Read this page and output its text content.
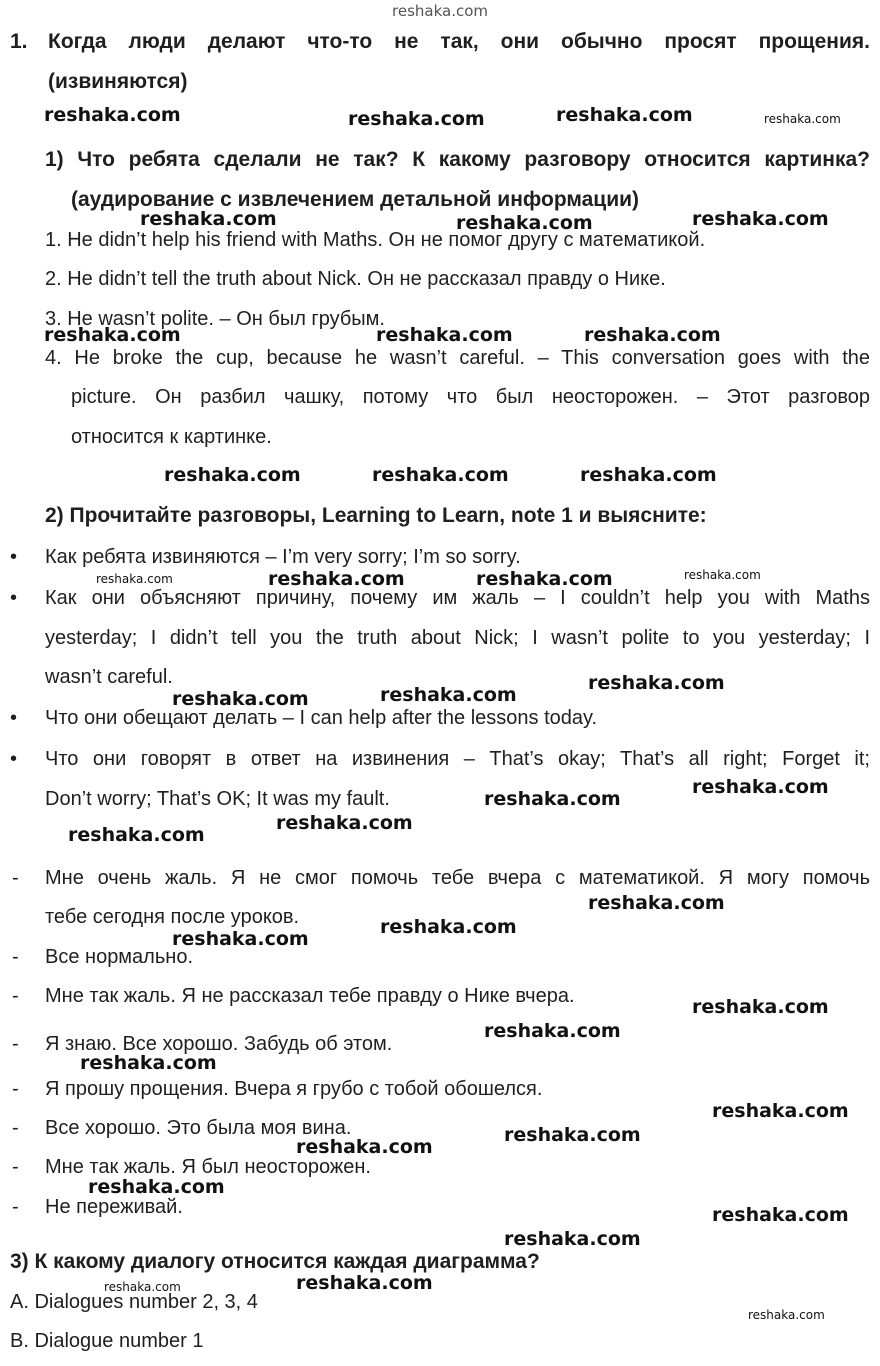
reshaka.com
1. Когда люди делают что-то не так, они обычно просят прощения.
(извиняются)
1) Что ребята сделали не так? К какому разговору относится картинка?
(аудирование с извлечением детальной информации)
1. He didn’t help his friend with Maths. Он не помог другу с математикой.
2. He didn’t tell the truth about Nick. Он не рассказал правду о Нике.
3. He wasn’t polite. – Он был грубым.
4. He broke the cup, because he wasn’t careful. – This conversation goes with the
picture. Он разбил чашку, потому что был неосторожен. – Этот разговор
относится к картинке.
2) Прочитайте разговоры, Learning to Learn, note 1 и выясните:
• Как ребята извиняются – I’m very sorry; I’m so sorry.
• Как они объясняют причину, почему им жаль – I couldn’t help you with Maths
yesterday; I didn’t tell you the truth about Nick; I wasn’t polite to you yesterday; I
wasn’t careful.
• Что они обещают делать – I can help after the lessons today.
• Что они говорят в ответ на извинения – That’s okay; That’s all right; Forget it;
Don’t worry; That’s OK; It was my fault.
- Мне очень жаль. Я не смог помочь тебе вчера с математикой. Я могу помочь
тебе сегодня после уроков.
- Все нормально.
- Мне так жаль. Я не рассказал тебе правду о Нике вчера.
- Я знаю. Все хорошо. Забудь об этом.
- Я прошу прощения. Вчера я грубо с тобой обошелся.
- Все хорошо. Это была моя вина.
- Мне так жаль. Я был неосторожен.
- Не переживай.
3) К какому диалогу относится каждая диаграмма?
A. Dialogues number 2, 3, 4
B. Dialogue number 1
reshaka.com	reshaka.com	reshaka.com	reshaka.com
reshaka.com	reshaka.com	reshaka.com
reshaka.com	reshaka.com	reshaka.com
reshaka.com	reshaka.com	reshaka.com
reshaka.com	reshaka.com	reshaka.com	reshaka.com
reshaka.com	reshaka.com
reshaka.com
reshaka.com
reshaka.com
reshaka.com
reshaka.com
reshaka.com
reshaka.com
reshaka.com
reshaka.com
reshaka.com
reshaka.com
reshaka.com
reshaka.com
reshaka.com
reshaka.com
reshaka.com
reshaka.com
reshaka.com
reshaka.com
reshaka.com
